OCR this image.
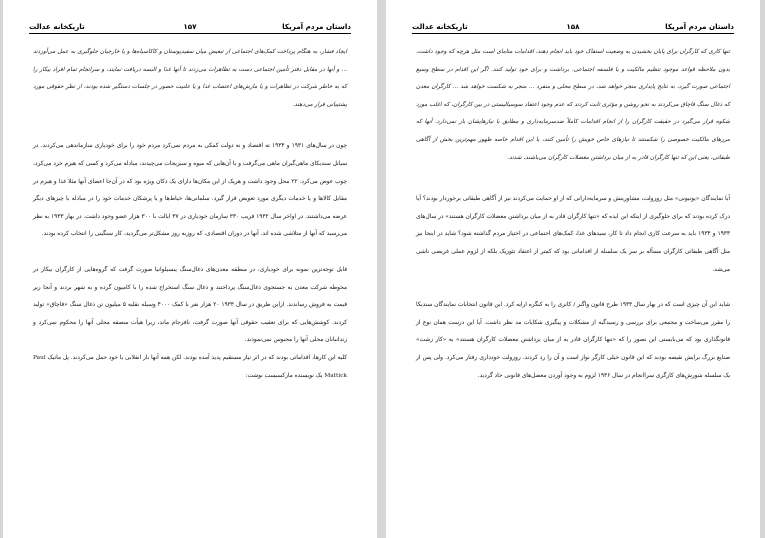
داستان مردم آمریکا
۱۵۷
تاریکخانه عدالت

ایجاد فشار، به هنگام پرداخت کمک‌های اجتماعی از تبعیض میان سفیدپوستان و کاکاسیاه‌ها و یا خارجیان جلوگیری به عمل می‌آوردند ... و آنها در مقابل دفتر تأمین اجتماعی دست به تظاهرات می‌زدند تا آنها غذا و البسه دریافت نمایند، و سرانجام تمام افراد بیکار را که به خاطر شرکت در تظاهرات و یا مارش‌های اعتصاب غذا و یا علنیت حضور در جلسات دستگیر شده بودند، از نظر حقوقی مورد پشتیبانی قرار می‌دهند.

چون در سال‌های ۱۹۳۱ و ۱۹۳۴ ته اقتصاد و نه دولت کمکی به مردم نمی‌کرد مردم خود را برای خودیاری سازماندهی می‌کردند. در سیاتل سندیکای ماهی‌گیران ماهی می‌گرفت و با آن‌هایی که میوه و سبزیجات می‌چیدند، مبادله می‌کرد و کسی که هیزم خرد می‌کرد، چوب عوض می‌کرد. ۲۲ محل وجود داشت و هریک از این مکان‌ها دارای یک دکان ویژه بود که در آن‌جا اعضای آنها مثلا غذا و هیزم در مقابل کالاها و یا خدمات دیگری مورد تعویض قرار گیرد. سلمانی‌ها، خیاط‌ها و یا پزشکان خدمات خود را در مبادله با چیزهای دیگر عرضه می‌داشتند. در اواخر سال ۱۹۳۲ قریب ۳۳۰ سازمان خودیاری در ۳۷ ایالت با ۳۰۰ هزار عضو وجود داشت. در بهار ۱۹۳۳ به نظر می‌رسید که آنها از متلاشی شده اند. آنها در دوران اقتصادی، که روزبه روز مشکل‌تر می‌گردید، کار سنگینی را انتخاب کرده بودند.

قابل توجه‌ترین نمونه برای خودیاری، در منطقه معدن‌های ذغال‌سنگ پنسیلوانیا صورت گرفت که گروه‌هایی از کارگران بیکار در محوطه شرکت معدن به جستجوی ذغال‌سنگ پرداختند و ذغال سنگ استخراج شده را با کامیون گرده و به شهر بردند و آنجا زیر قیمت به فروش رساندند. ازاین طریق در سال ۱۹۳۴ ۲۰ هزار نفر با کمک ۴۰۰۰ وسیله نقلیه ۵ میلیون تن ذغال سنگ «قاچاق» تولید کردند. کوشش‌هایی که برای تعقیب حقوقی آنها صورت گرفت، نافرجام ماند، زیرا هیأت منصفه محلی آنها را محکوم نمی‌کرد و زندانبانان محلی آنها را محبوس نمی‌نمودند.

کلیه این کارها، اقداماتی بودند که در اثر نیاز مستقیم پدید آمده بودند. لکن همه آنها بار انقلابی یا خود حمل می‌کردند. پل ماتیک Paul Mattick یک نویسنده مارکسیست نوشت:

تاریکخانه عدالت	۱۵۸	داستان مردم آمریکا

تنها کاری که کارگران برای پایان بخشیدن به وضعیت استفاک خود باید انجام دهند، اقدامات متامای است مثل هرچه که وجود داشت، بدون ملاحظه قواعد موجود تنظیم مالکیت و یا فلسفه اجتماعی. برداشت و برای خود تولید کنند. اگر این اقدام در سطح وسیع اجتماعی صورت گیرد، به نتایج پایداری منجر خواهد شد، در سطح محلی و منفرد ... منجر به شکست خواهد شد ... کارگران معدن که ذغال سنگ قاچاق می‌کردند به نحو روشن و مؤثری ثابت کردند که عدم وجود اعتقاد سوسیالیستی در بین کارگران، که اغلب مورد شکوه قرار می‌گیرد در حقیقت کارگران را از انجام اقدامات کاملاً ضدسرمایه‌داری و مطابق با نیازهایشان باز نمی‌دارد. آنها که مرزهای مالکیت خصوصی را شکستند تا نیازهای خاص خویش را تأمین کنند، با این اقدام خاصه ظهور مهم‌ترین بخش از آگاهی طبقاتی، یعنی این که تنها کارگران قادر به از میان برداشتن معضلات کارگران می‌باشند، شدند.

آیا نمایندگان «یونیونی» مثل روزولت، مشاورینش و سرمایه‌دارانی که از او حمایت می‌کردند نیز از آگاهی طبقاتی برخوردار بودند؟ آیا درک کرده بودند که برای جلوگیری از اینکه این ایده که «تنها کارگران قادر به از میان برداشتن معضلات کارگران هستند» در سال‌های ۱۹۳۳ و ۱۹۳۴ باید به سرعت کاری انجام داد تا کار، سیدهای غذا، کمک‌های اجتماعی در اختیار مردم گذاشته شود؟ شاید در اینجا نیز مثل آگاهی طبقاتی کارگران مسأله بر سر یک سلسله از اقداماتی بود که کمتر از اعتقاد تئوریک بلکه از لزوم عملی غریضی ناشی می‌شد.

شاید این آن چیزی است که در بهار سال ۱۹۳۴ طرح قانون واگنر / کانری را به کنگره ارایه کرد. این قانون انتخابات نمایندگان سندیکا را مقرر می‌ساخت و مجمعی برای بررسی و رسیدگیه از مشکلات و پیگیری شکایات مد نظر داشت. آیا این درست همان نوع از قانونگذاری بود که می‌بایستی این تصور را که «تنها کارگران قادر به از میان برداشتن معضلات کارگران هستند» به «کار زشت» صنایع بزرگ برایش نقیصه بودند که این قانون خیلی کارگر نواز است و آن را رد کردند. روزولت خودداری رفتار می‌کرد. ولی پس از یک سلسله شورش‌های کارگری سراانجام در سال ۱۹۳۶ لزوم به وجود آوردن معضل‌های قانونی حاد گردید.
